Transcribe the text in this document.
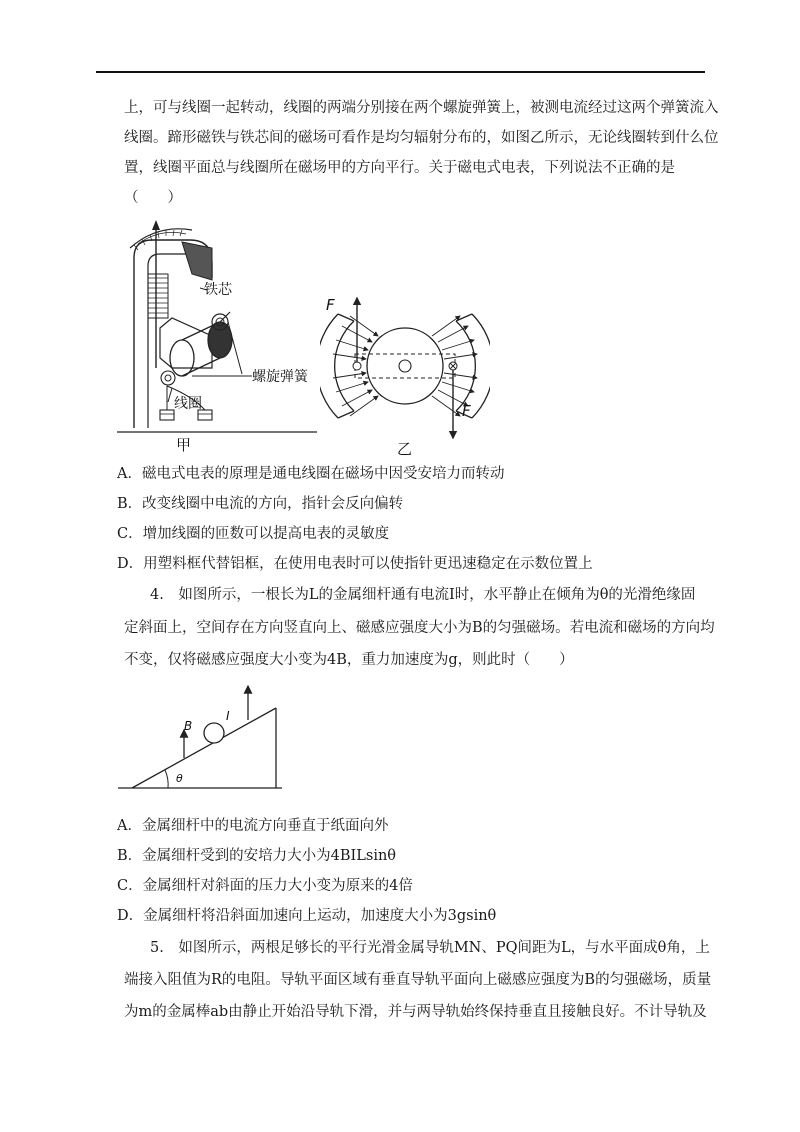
上，可与线圈一起转动，线圈的两端分别接在两个螺旋弹簧上，被测电流经过这两个弹簧流入
线圈。蹄形磁铁与铁芯间的磁场可看作是均匀辐射分布的，如图乙所示，无论线圈转到什么位
置，线圈平面总与线圈所在磁场甲的方向平行。关于磁电式电表，下列说法不正确的是
（　　）
铁芯
螺旋弹簧
线圈
甲
F
F
乙
A．磁电式电表的原理是通电线圈在磁场中因受安培力而转动
B．改变线圈中电流的方向，指针会反向偏转
C．增加线圈的匝数可以提高电表的灵敏度
D．用塑料框代替铝框，在使用电表时可以使指针更迅速稳定在示数位置上
4.　如图所示，一根长为L的金属细杆通有电流I时，水平静止在倾角为θ的光滑绝缘固
定斜面上，空间存在方向竖直向上、磁感应强度大小为B的匀强磁场。若电流和磁场的方向均
不变，仅将磁感应强度大小变为4B，重力加速度为g，则此时（　　）
B
I
θ
A．金属细杆中的电流方向垂直于纸面向外
B．金属细杆受到的安培力大小为4BILsinθ
C．金属细杆对斜面的压力大小变为原来的4倍
D．金属细杆将沿斜面加速向上运动，加速度大小为3gsinθ
5.　如图所示，两根足够长的平行光滑金属导轨MN、PQ间距为L，与水平面成θ角，上
端接入阻值为R的电阻。导轨平面区域有垂直导轨平面向上磁感应强度为B的匀强磁场，质量
为m的金属棒ab由静止开始沿导轨下滑，并与两导轨始终保持垂直且接触良好。不计导轨及
